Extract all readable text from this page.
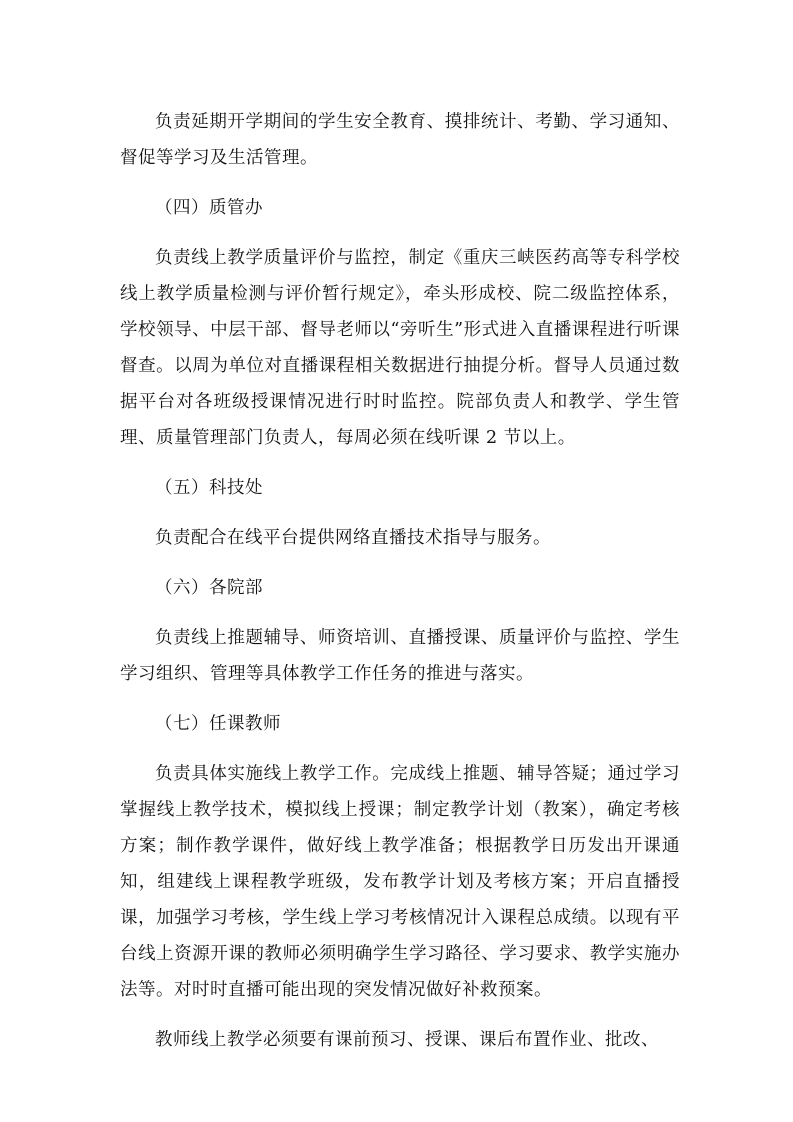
负责延期开学期间的学生安全教育、摸排统计、考勤、学习通知、督促等学习及生活管理。

（四）质管办

负责线上教学质量评价与监控，制定《重庆三峡医药高等专科学校线上教学质量检测与评价暂行规定》，牵头形成校、院二级监控体系，学校领导、中层干部、督导老师以“旁听生”形式进入直播课程进行听课督查。以周为单位对直播课程相关数据进行抽提分析。督导人员通过数据平台对各班级授课情况进行时时监控。院部负责人和教学、学生管理、质量管理部门负责人，每周必须在线听课 2 节以上。

（五）科技处

负责配合在线平台提供网络直播技术指导与服务。

（六）各院部

负责线上推题辅导、师资培训、直播授课、质量评价与监控、学生学习组织、管理等具体教学工作任务的推进与落实。

（七）任课教师

负责具体实施线上教学工作。完成线上推题、辅导答疑；通过学习掌握线上教学技术，模拟线上授课；制定教学计划（教案），确定考核方案；制作教学课件，做好线上教学准备；根据教学日历发出开课通知，组建线上课程教学班级，发布教学计划及考核方案；开启直播授课，加强学习考核，学生线上学习考核情况计入课程总成绩。以现有平台线上资源开课的教师必须明确学生学习路径、学习要求、教学实施办法等。对时时直播可能出现的突发情况做好补救预案。

教师线上教学必须要有课前预习、授课、课后布置作业、批改、
